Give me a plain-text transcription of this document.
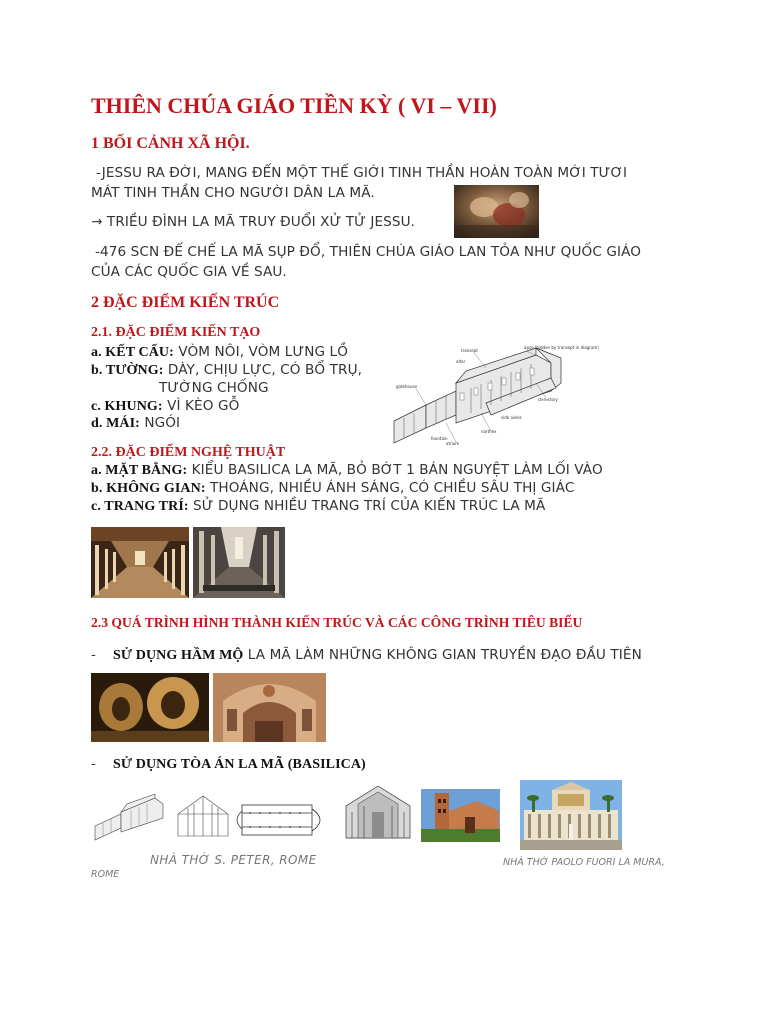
THIÊN CHÚA GIÁO TIỀN KỲ ( VI – VII)
1 BỐI CẢNH XÃ HỘI.
-JESSU RA ĐỜI, MANG ĐẾN MỘT THẾ GIỚI TINH THẦN HOÀN TOÀN MỚI TƯƠI
MÁT TINH THẦN CHO NGƯỜI DÂN LA MÃ.
→ TRIỀU ĐÌNH LA MÃ TRUY ĐUỔI XỬ TỬ JESSU.
-476 SCN ĐẾ CHẾ LA MÃ SỤP ĐỔ, THIÊN CHÚA GIÁO LAN TỎA NHƯ QUỐC GIÁO
CỦA CÁC QUỐC GIA VỀ SAU.
2 ĐẶC ĐIỂM KIẾN TRÚC
2.1. ĐẶC ĐIỂM KIẾN TẠO
a. KẾT CẤU: VÒM NÔI, VÒM LƯNG LỒ
b. TƯỜNG: DÀY, CHỊU LỰC, CÓ BỔ TRỤ,
TƯỜNG CHỐNG
c. KHUNG: VÌ KÈO GỖ
d. MÁI: NGÓI
transept
apse (hidden by transept in diagram)
altar
gatehouse
clerestory
narthex
atrium
side aisles
fountain
2.2. ĐẶC ĐIỂM NGHỆ THUẬT
a. MẶT BẰNG: KIỂU BASILICA LA MÃ, BỎ BỚT 1 BÁN NGUYỆT LÀM LỐI VÀO
b. KHÔNG GIAN: THOÁNG, NHIỀU ÁNH SÁNG, CÓ CHIỀU SÂU THỊ GIÁC
c. TRANG TRÍ: SỬ DỤNG NHIỀU TRANG TRÍ CỦA KIẾN TRÚC LA MÃ
2.3 QUÁ TRÌNH HÌNH THÀNH KIẾN TRÚC VÀ CÁC CÔNG TRÌNH TIÊU BIỂU
- SỬ DỤNG HẦM MỘ LA MÃ LÀM NHỮNG KHÔNG GIAN TRUYỀN ĐẠO ĐẦU TIÊN
- SỬ DỤNG TÒA ÁN LA MÃ (BASILICA)
NHÀ THỜ S. PETER, ROME	NHÀ THỜ PAOLO FUORI LA MURA,
ROME
